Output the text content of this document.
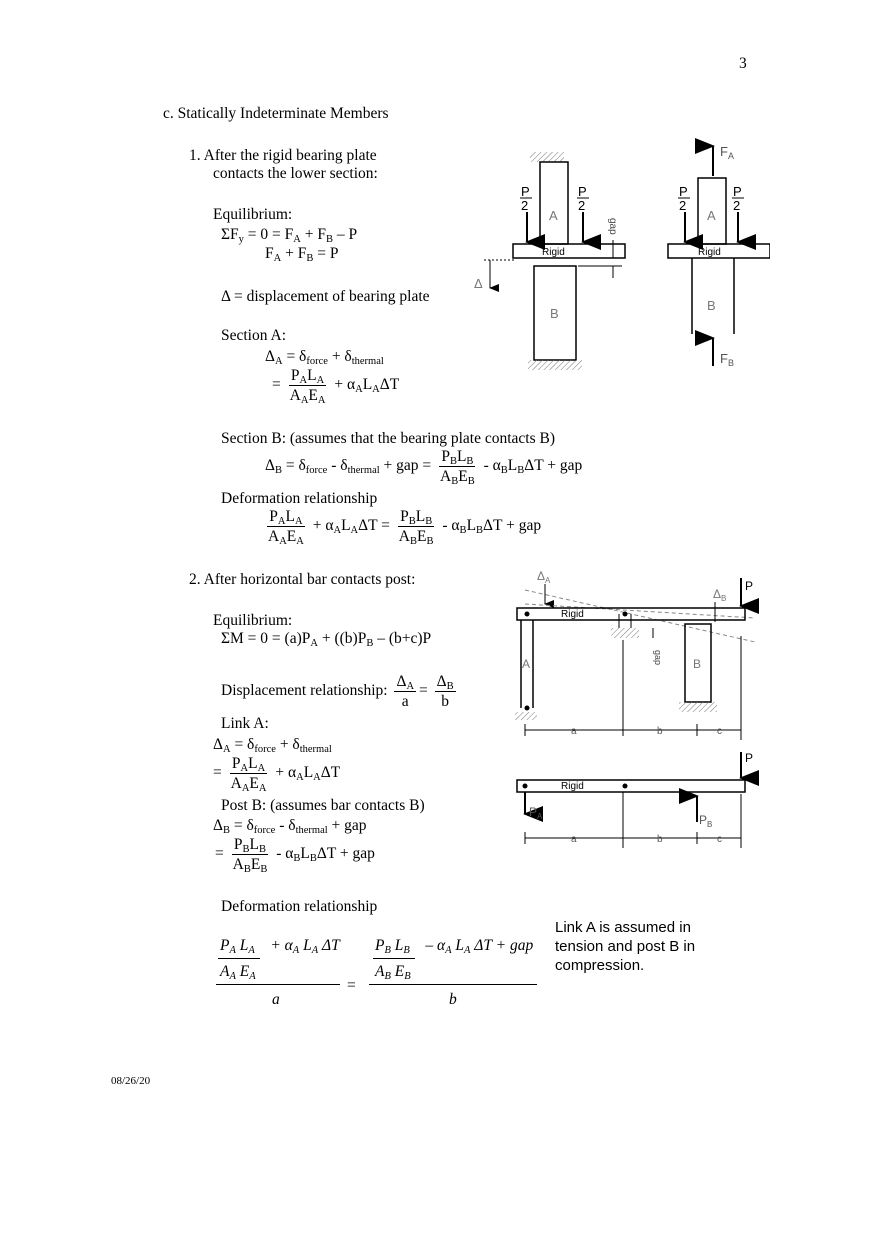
3
08/26/20
c. Statically Indeterminate Members
1. After the rigid bearing plate
contacts the lower section:
Equilibrium:
$\Sigma F_y = 0 = F_A + F_B - P$
$F_A + F_B = P$
Δ = displacement of bearing plate
Section A:
$\Delta_A = \delta_{force} + \delta_{thermal}$
= $\frac{P_AL_A}{A_AE_A} + \alpha_AL_A\Delta T$
Section B: (assumes that the bearing plate contacts B)
$\Delta_B = \delta_{force} - \delta_{thermal}$ + gap = $\frac{P_BL_B}{A_BE_B} - \alpha_BL_B\Delta T$ + gap
Deformation relationship
$\frac{P_AL_A}{A_AE_A} + \alpha_AL_A\Delta T = \frac{P_BL_B}{A_BE_B} - \alpha_BL_B\Delta T$ + gap
2. After horizontal bar contacts post:
Equilibrium:
$\Sigma M = 0 = (a)P_A + ((b)P_B - (b+c)P$
Displacement relationship: $\frac{\Delta_A}{a} = \frac{\Delta_B}{b}$
Link A:
$\Delta_A = \delta_{force} + \delta_{thermal}$
= $\frac{P_AL_A}{A_AE_A} + \alpha_AL_A\Delta T$
Post B: (assumes bar contacts B)
$\Delta_B = \delta_{force} - \delta_{thermal}$ + gap
= $\frac{P_BL_B}{A_BE_B} - \alpha_BL_B\Delta T$ + gap
Deformation relationship
Link A is assumed in
tension and post B in
compression.
$P_A$ $L_A$    + $\alpha_A$ $L_A$ ΔT
$A_A$ $E_A$
a
=
$P_B$ $L_B$    – $\alpha_A$ $L_A$ ΔT + gap
$A_B$ $E_B$
b
A
Rigid
B
P
2
P
2
gap
Δ
$F_A$
A
Rigid
P
2
P
2
B
$F_B$
$\Delta_A$
Rigid
$\Delta_B$
P
A	gap	B
a	b	c
P
Rigid
$P_A$	$P_B$
a	b	c
